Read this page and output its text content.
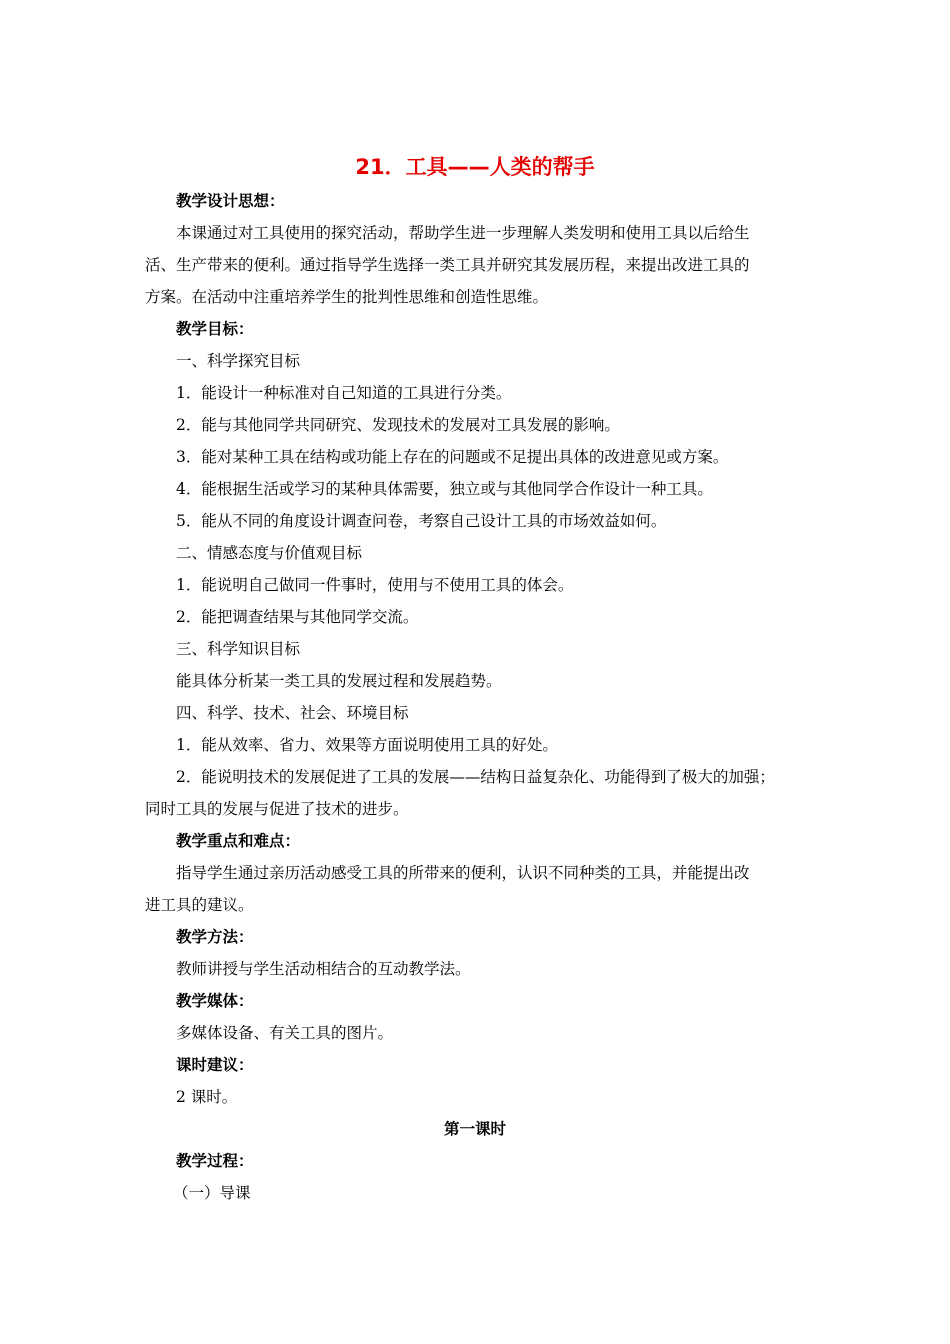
21．工具——人类的帮手
教学设计思想：
本课通过对工具使用的探究活动，帮助学生进一步理解人类发明和使用工具以后给生
活、生产带来的便利。通过指导学生选择一类工具并研究其发展历程，来提出改进工具的
方案。在活动中注重培养学生的批判性思维和创造性思维。
教学目标：
一、科学探究目标
1．能设计一种标准对自己知道的工具进行分类。
2．能与其他同学共同研究、发现技术的发展对工具发展的影响。
3．能对某种工具在结构或功能上存在的问题或不足提出具体的改进意见或方案。
4．能根据生活或学习的某种具体需要，独立或与其他同学合作设计一种工具。
5．能从不同的角度设计调查问卷，考察自己设计工具的市场效益如何。
二、情感态度与价值观目标
1．能说明自己做同一件事时，使用与不使用工具的体会。
2．能把调查结果与其他同学交流。
三、科学知识目标
能具体分析某一类工具的发展过程和发展趋势。
四、科学、技术、社会、环境目标
1．能从效率、省力、效果等方面说明使用工具的好处。
2．能说明技术的发展促进了工具的发展——结构日益复杂化、功能得到了极大的加强；
同时工具的发展与促进了技术的进步。
教学重点和难点：
指导学生通过亲历活动感受工具的所带来的便利，认识不同种类的工具，并能提出改
进工具的建议。
教学方法：
教师讲授与学生活动相结合的互动教学法。
教学媒体：
多媒体设备、有关工具的图片。
课时建议：
2 课时。
第一课时
教学过程：
（一）导课
